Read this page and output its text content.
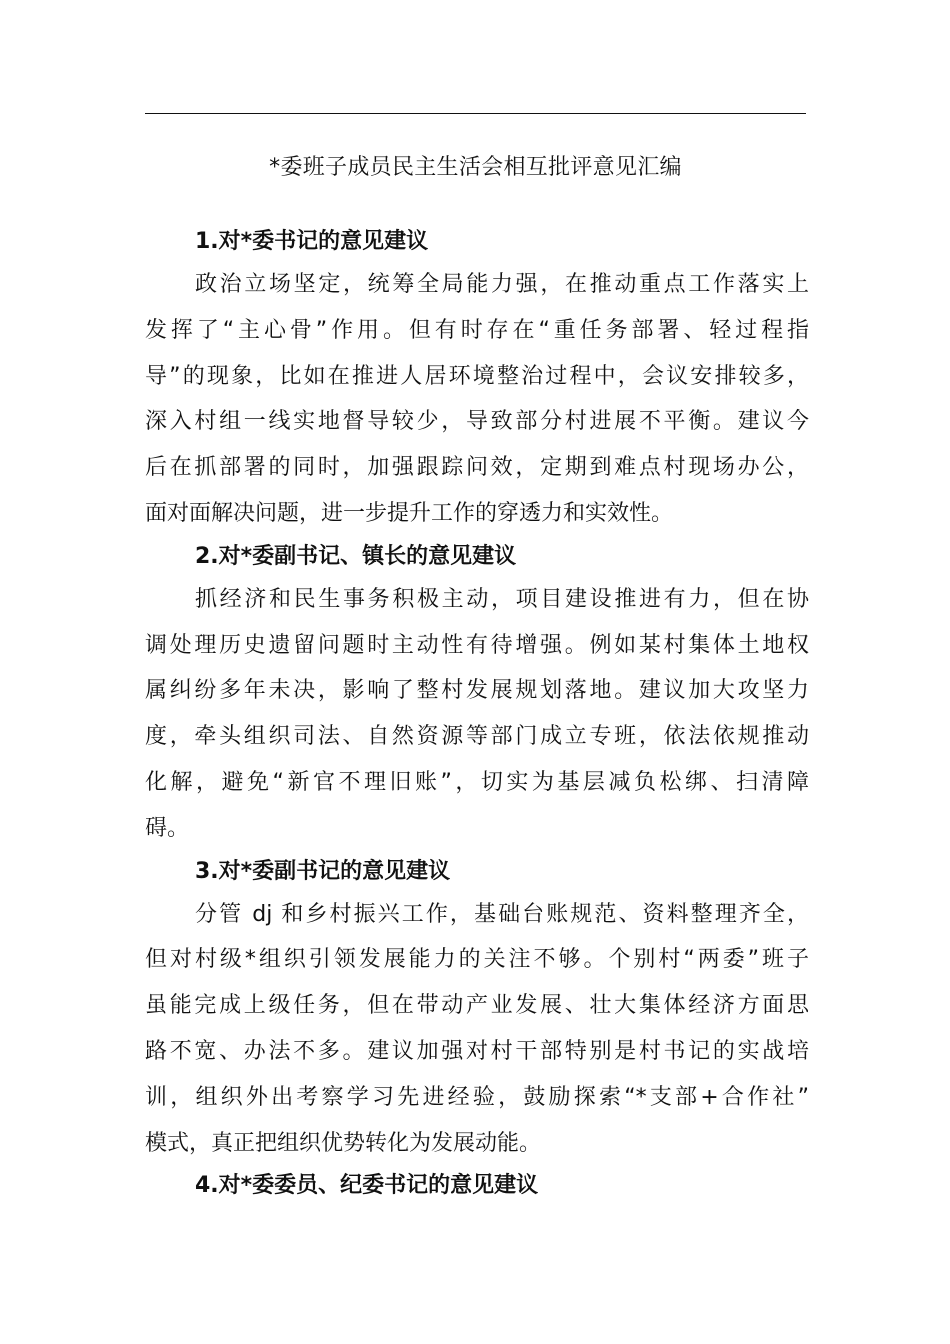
*委班子成员民主生活会相互批评意见汇编
1.对*委书记的意见建议
政治立场坚定，统筹全局能力强，在推动重点工作落实上
发挥了“主心骨”作用。但有时存在“重任务部署、轻过程指
导”的现象，比如在推进人居环境整治过程中，会议安排较多，
深入村组一线实地督导较少，导致部分村进展不平衡。建议今
后在抓部署的同时，加强跟踪问效，定期到难点村现场办公，
面对面解决问题，进一步提升工作的穿透力和实效性。
2.对*委副书记、镇长的意见建议
抓经济和民生事务积极主动，项目建设推进有力，但在协
调处理历史遗留问题时主动性有待增强。例如某村集体土地权
属纠纷多年未决，影响了整村发展规划落地。建议加大攻坚力
度，牵头组织司法、自然资源等部门成立专班，依法依规推动
化解，避免“新官不理旧账”，切实为基层减负松绑、扫清障
碍。
3.对*委副书记的意见建议
分管 dj 和乡村振兴工作，基础台账规范、资料整理齐全，
但对村级*组织引领发展能力的关注不够。个别村“两委”班子
虽能完成上级任务，但在带动产业发展、壮大集体经济方面思
路不宽、办法不多。建议加强对村干部特别是村书记的实战培
训，组织外出考察学习先进经验，鼓励探索“*支部+合作社”
模式，真正把组织优势转化为发展动能。
4.对*委委员、纪委书记的意见建议
